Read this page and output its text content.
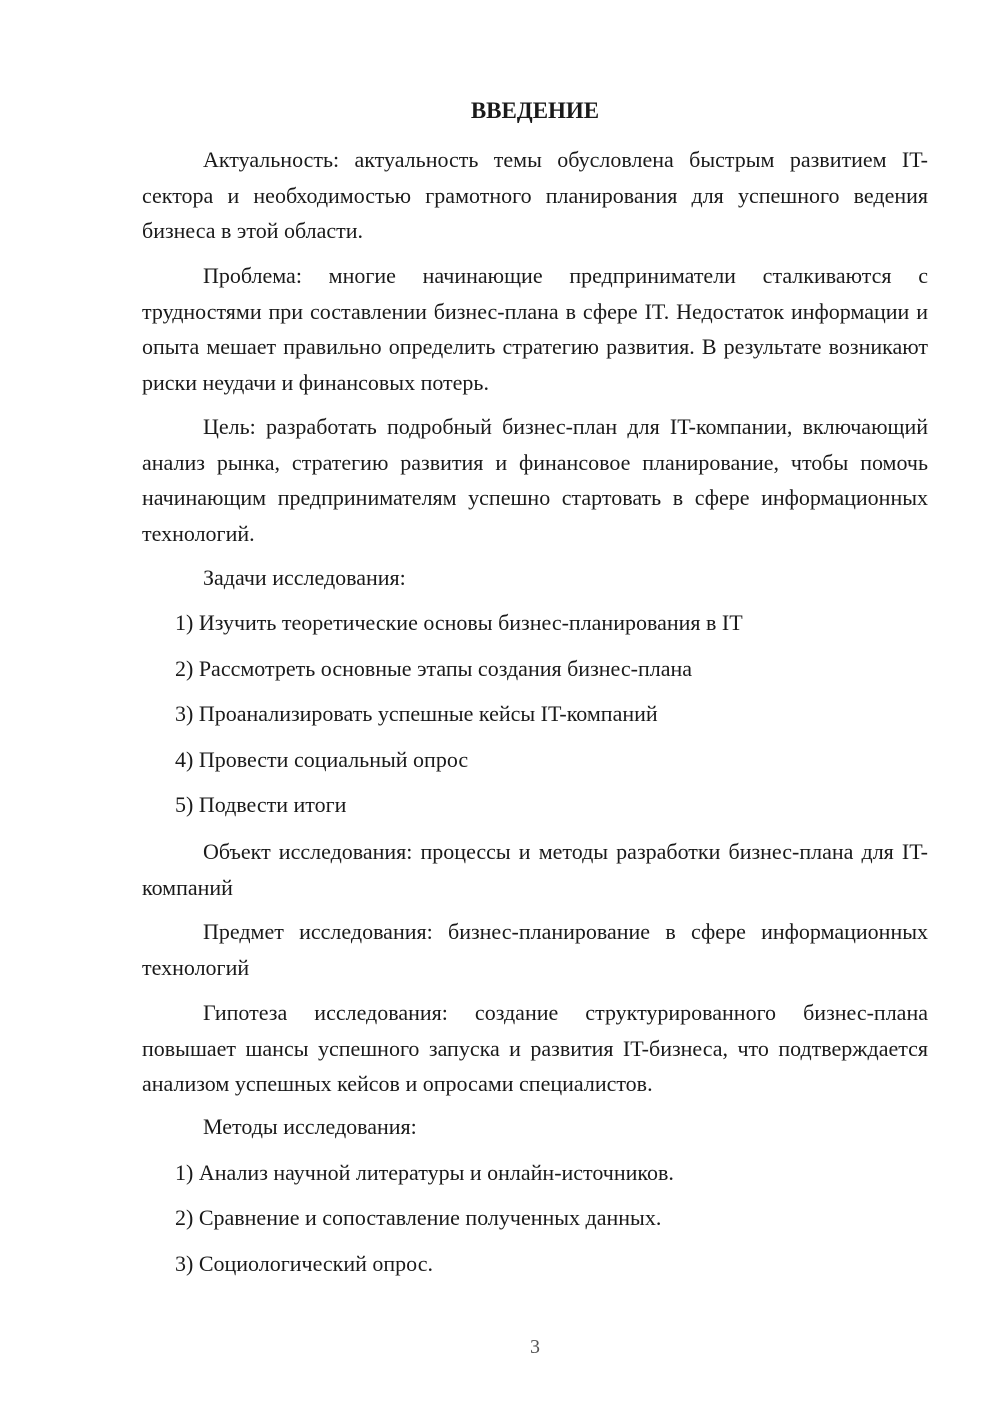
ВВЕДЕНИЕ

Актуальность: актуальность темы обусловлена быстрым развитием IT-сектора и необходимостью грамотного планирования для успешного ведения бизнеса в этой области.

Проблема: многие начинающие предприниматели сталкиваются с трудностями при составлении бизнес-плана в сфере IT. Недостаток информации и опыта мешает правильно определить стратегию развития. В результате возникают риски неудачи и финансовых потерь.

Цель: разработать подробный бизнес-план для IT-компании, включающий анализ рынка, стратегию развития и финансовое планирование, чтобы помочь начинающим предпринимателям успешно стартовать в сфере информационных технологий.

Задачи исследования:
1) Изучить теоретические основы бизнес-планирования в IT
2) Рассмотреть основные этапы создания бизнес-плана
3) Проанализировать успешные кейсы IT-компаний
4) Провести социальный опрос
5) Подвести итоги

Объект исследования: процессы и методы разработки бизнес-плана для IT-компаний

Предмет исследования: бизнес-планирование в сфере информационных технологий

Гипотеза исследования: создание структурированного бизнес-плана повышает шансы успешного запуска и развития IT-бизнеса, что подтверждается анализом успешных кейсов и опросами специалистов.

Методы исследования:
1) Анализ научной литературы и онлайн-источников.
2) Сравнение и сопоставление полученных данных.
3) Социологический опрос.
3
